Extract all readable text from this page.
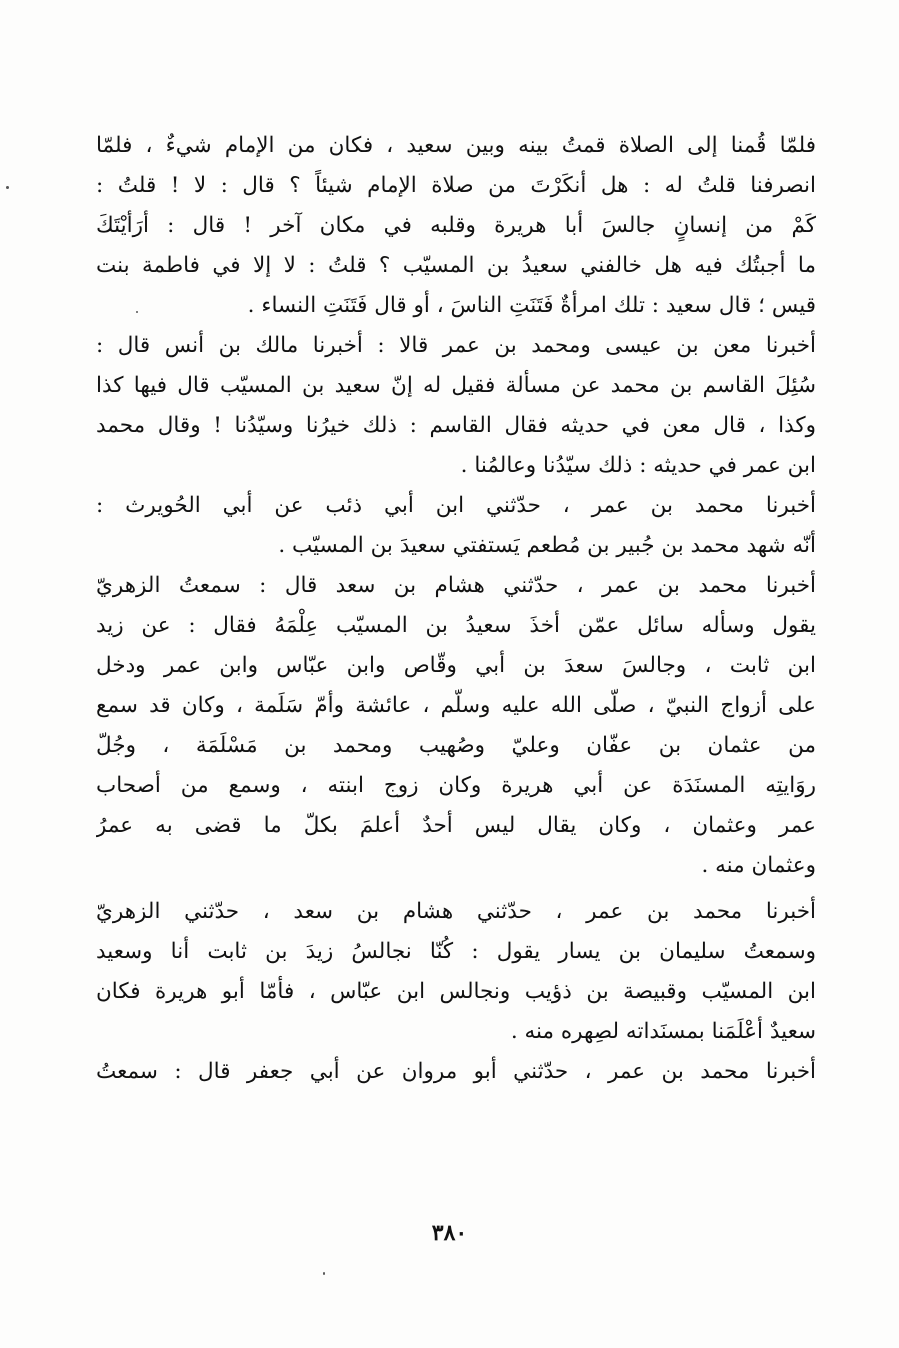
فلمّا قُمنا إلى الصلاة قمتُ بينه وبين سعيد ، فكان من الإمام شيءٌ ، فلمّا
انصرفنا قلتُ له : هل أنكَرْتَ من صلاة الإمام شيئاً ؟ قال : لا ! قلتُ :
كَمْ من إنسانٍ جالسَ أبا هريرة وقلبه في مكان آخر ! قال : أرَأيْتَكَ
ما أجبتُك فيه هل خالفني سعيدُ بن المسيّب ؟ قلتُ : لا إلا في فاطمة بنت
قيس ؛ قال سعيد : تلك امرأةٌ فَتَنَتِ الناسَ ، أو قال فَتَنَتِ النساء .
أخبرنا معن بن عيسى ومحمد بن عمر قالا : أخبرنا مالك بن أنس قال :
سُئِلَ القاسم بن محمد عن مسألة فقيل له إنّ سعيد بن المسيّب قال فيها كذا
وكذا ، قال معن في حديثه فقال القاسم : ذلك خيرُنا وسيّدُنا ! وقال محمد
ابن عمر في حديثه : ذلك سيّدُنا وعالمُنا .
أخبرنا محمد بن عمر ، حدّثني ابن أبي ذئب عن أبي الحُويرث :
أنّه شهد محمد بن جُبير بن مُطعم يَستفتي سعيدَ بن المسيّب .
أخبرنا محمد بن عمر ، حدّثني هشام بن سعد قال : سمعتُ الزهريّ
يقول وسأله سائل عمّن أخذَ سعيدُ بن المسيّب عِلْمَهُ فقال : عن زيد
ابن ثابت ، وجالسَ سعدَ بن أبي وقّاص وابن عبّاس وابن عمر ودخل
على أزواج النبيّ ، صلّى الله عليه وسلّم ، عائشة وأمّ سَلَمة ، وكان قد سمع
من عثمان بن عفّان وعليّ وصُهيب ومحمد بن مَسْلَمَة ، وجُلّ
روَايتِه المسنَدَة عن أبي هريرة وكان زوج ابنته ، وسمع من أصحاب
عمر وعثمان ، وكان يقال ليس أحدٌ أعلمَ بكلّ ما قضى به عمرُ
وعثمان منه .
أخبرنا محمد بن عمر ، حدّثني هشام بن سعد ، حدّثني الزهريّ
وسمعتُ سليمان بن يسار يقول : كُنّا نجالسُ زيدَ بن ثابت أنا وسعيد
ابن المسيّب وقبيصة بن ذؤيب ونجالس ابن عبّاس ، فأمّا أبو هريرة فكان
سعيدٌ أعْلَمَنا بمسنَداته لصِهره منه .
أخبرنا محمد بن عمر ، حدّثني أبو مروان عن أبي جعفر قال : سمعتُ
٣٨٠
